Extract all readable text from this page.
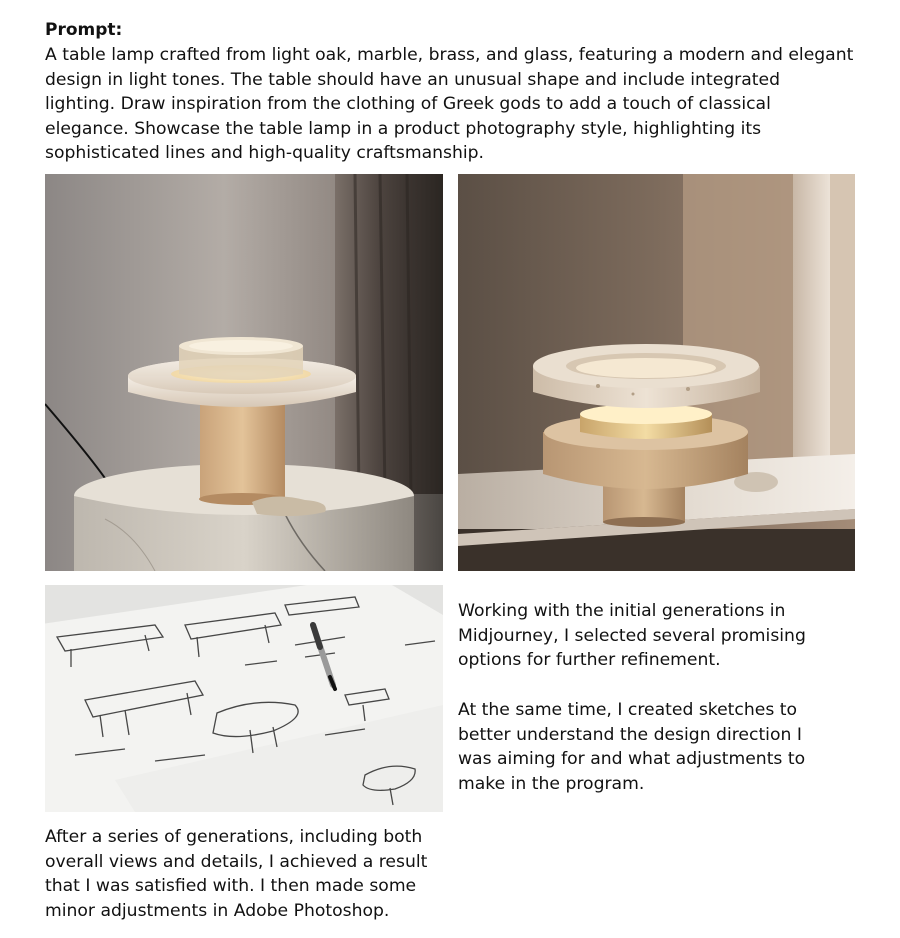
Prompt:
A table lamp crafted from light oak, marble, brass, and glass, featuring a modern and elegant design in light tones. The table should have an unusual shape and include integrated lighting. Draw inspiration from the clothing of Greek gods to add a touch of classical elegance. Showcase the table lamp in a product photography style, highlighting its sophisticated lines and high-quality craftsmanship.
Working with the initial generations in Midjourney, I selected several promising options for further refinement.
At the same time, I created sketches to better understand the design direction I was aiming for and what adjustments to make in the program.
After a series of generations, including both overall views and details, I achieved a result that I was satisfied with. I then made some minor adjustments in Adobe Photoshop.
